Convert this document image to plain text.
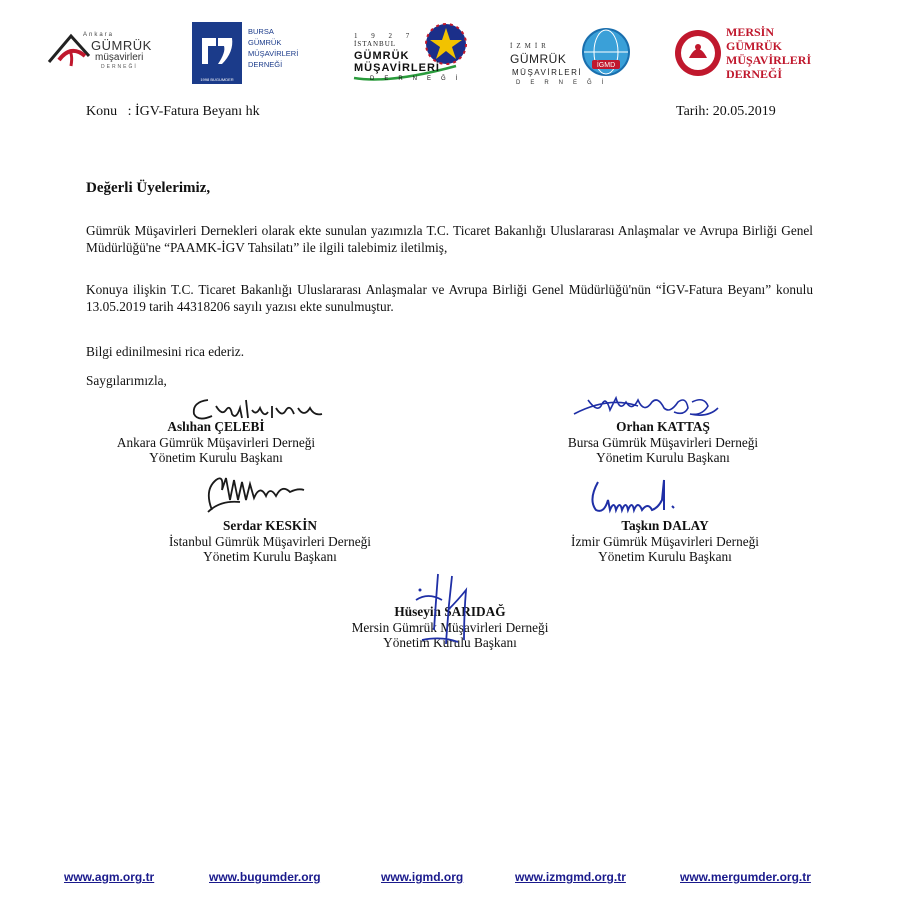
Ankara
GÜMRÜK
müşavirleri
DERNEĞİ
1998 BUGUMDER
BURSA
GÜMRÜK
MÜŞAVİRLERİ
DERNEĞİ
1 9 2 7
İSTANBUL
GÜMRÜK
MÜŞAVİRLERİ
DERNEĞİ
İGMD
İZMİR
GÜMRÜK
MÜŞAVİRLERİ
DERNEĞİ
MERSİN
GÜMRÜK
MÜŞAVİRLERİ
DERNEĞİ
Konu   : İGV-Fatura Beyanı hk	Tarih: 20.05.2019
Değerli Üyelerimiz,
Gümrük Müşavirleri Dernekleri olarak ekte sunulan yazımızla T.C. Ticaret Bakanlığı Uluslararası Anlaşmalar ve Avrupa Birliği Genel Müdürlüğü'ne “PAAMK-İGV Tahsilatı” ile ilgili talebimiz iletilmiş,
Konuya ilişkin T.C. Ticaret Bakanlığı Uluslararası Anlaşmalar ve Avrupa Birliği Genel Müdürlüğü'nün “İGV-Fatura Beyanı” konulu 13.05.2019 tarih 44318206 sayılı yazısı ekte sunulmuştur.
Bilgi edinilmesini rica ederiz.
Saygılarımızla,
Aslıhan ÇELEBİ
Ankara Gümrük Müşavirleri Derneği
Yönetim Kurulu Başkanı
Orhan KATTAŞ
Bursa Gümrük Müşavirleri Derneği
Yönetim Kurulu Başkanı
Serdar KESKİN
İstanbul Gümrük Müşavirleri Derneği
Yönetim Kurulu Başkanı
Taşkın DALAY
İzmir Gümrük Müşavirleri Derneği
Yönetim Kurulu Başkanı
Hüseyin SARIDAĞ
Mersin Gümrük Müşavirleri Derneği
Yönetim Kurulu Başkanı
www.agm.org.tr	www.bugumder.org	www.igmd.org	www.izmgmd.org.tr	www.mergumder.org.tr
